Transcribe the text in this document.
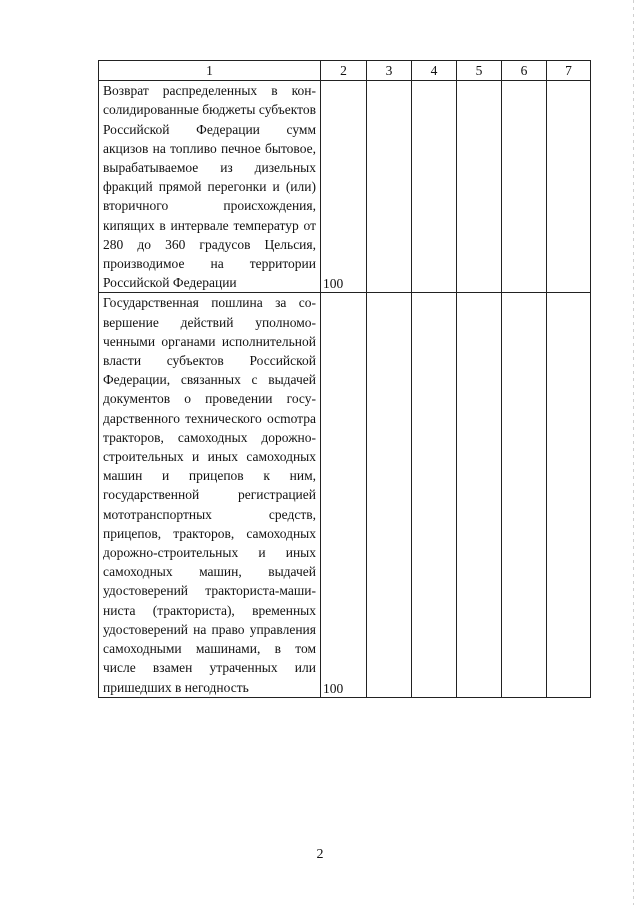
1	2	3	4	5	6	7
Возврат распределенных в консолидированные бюджеты субъектов Российской Федерации сумм акцизов на топливо печное бытовое, вырабатываемое из дизельных фракций прямой перегонки и (или) вторичного происхождения, кипящих в интервале температур от 280 до 360 градусов Цельсия, производимое на территории Российской Федерации	100					

Государственная пошлина за совершение действий уполномоченными органами исполнительной власти субъектов Российской Федерации, связанных с выдачей документов о проведении государственного технического осmотра тракторов, самоходных дорожно-строительных и иных самоходных машин и прицепов к ним, государственной регистрацией мототранспортных средств, прицепов, тракторов, самоходных дорожно-строительных и иных самоходных машин, выдачей удостоверений тракториста-маши-ниста (тракториста), временных удостоверений на право управления самоходными машинами, в том числе взамен утраченных или пришедших в негодность	100					

2
